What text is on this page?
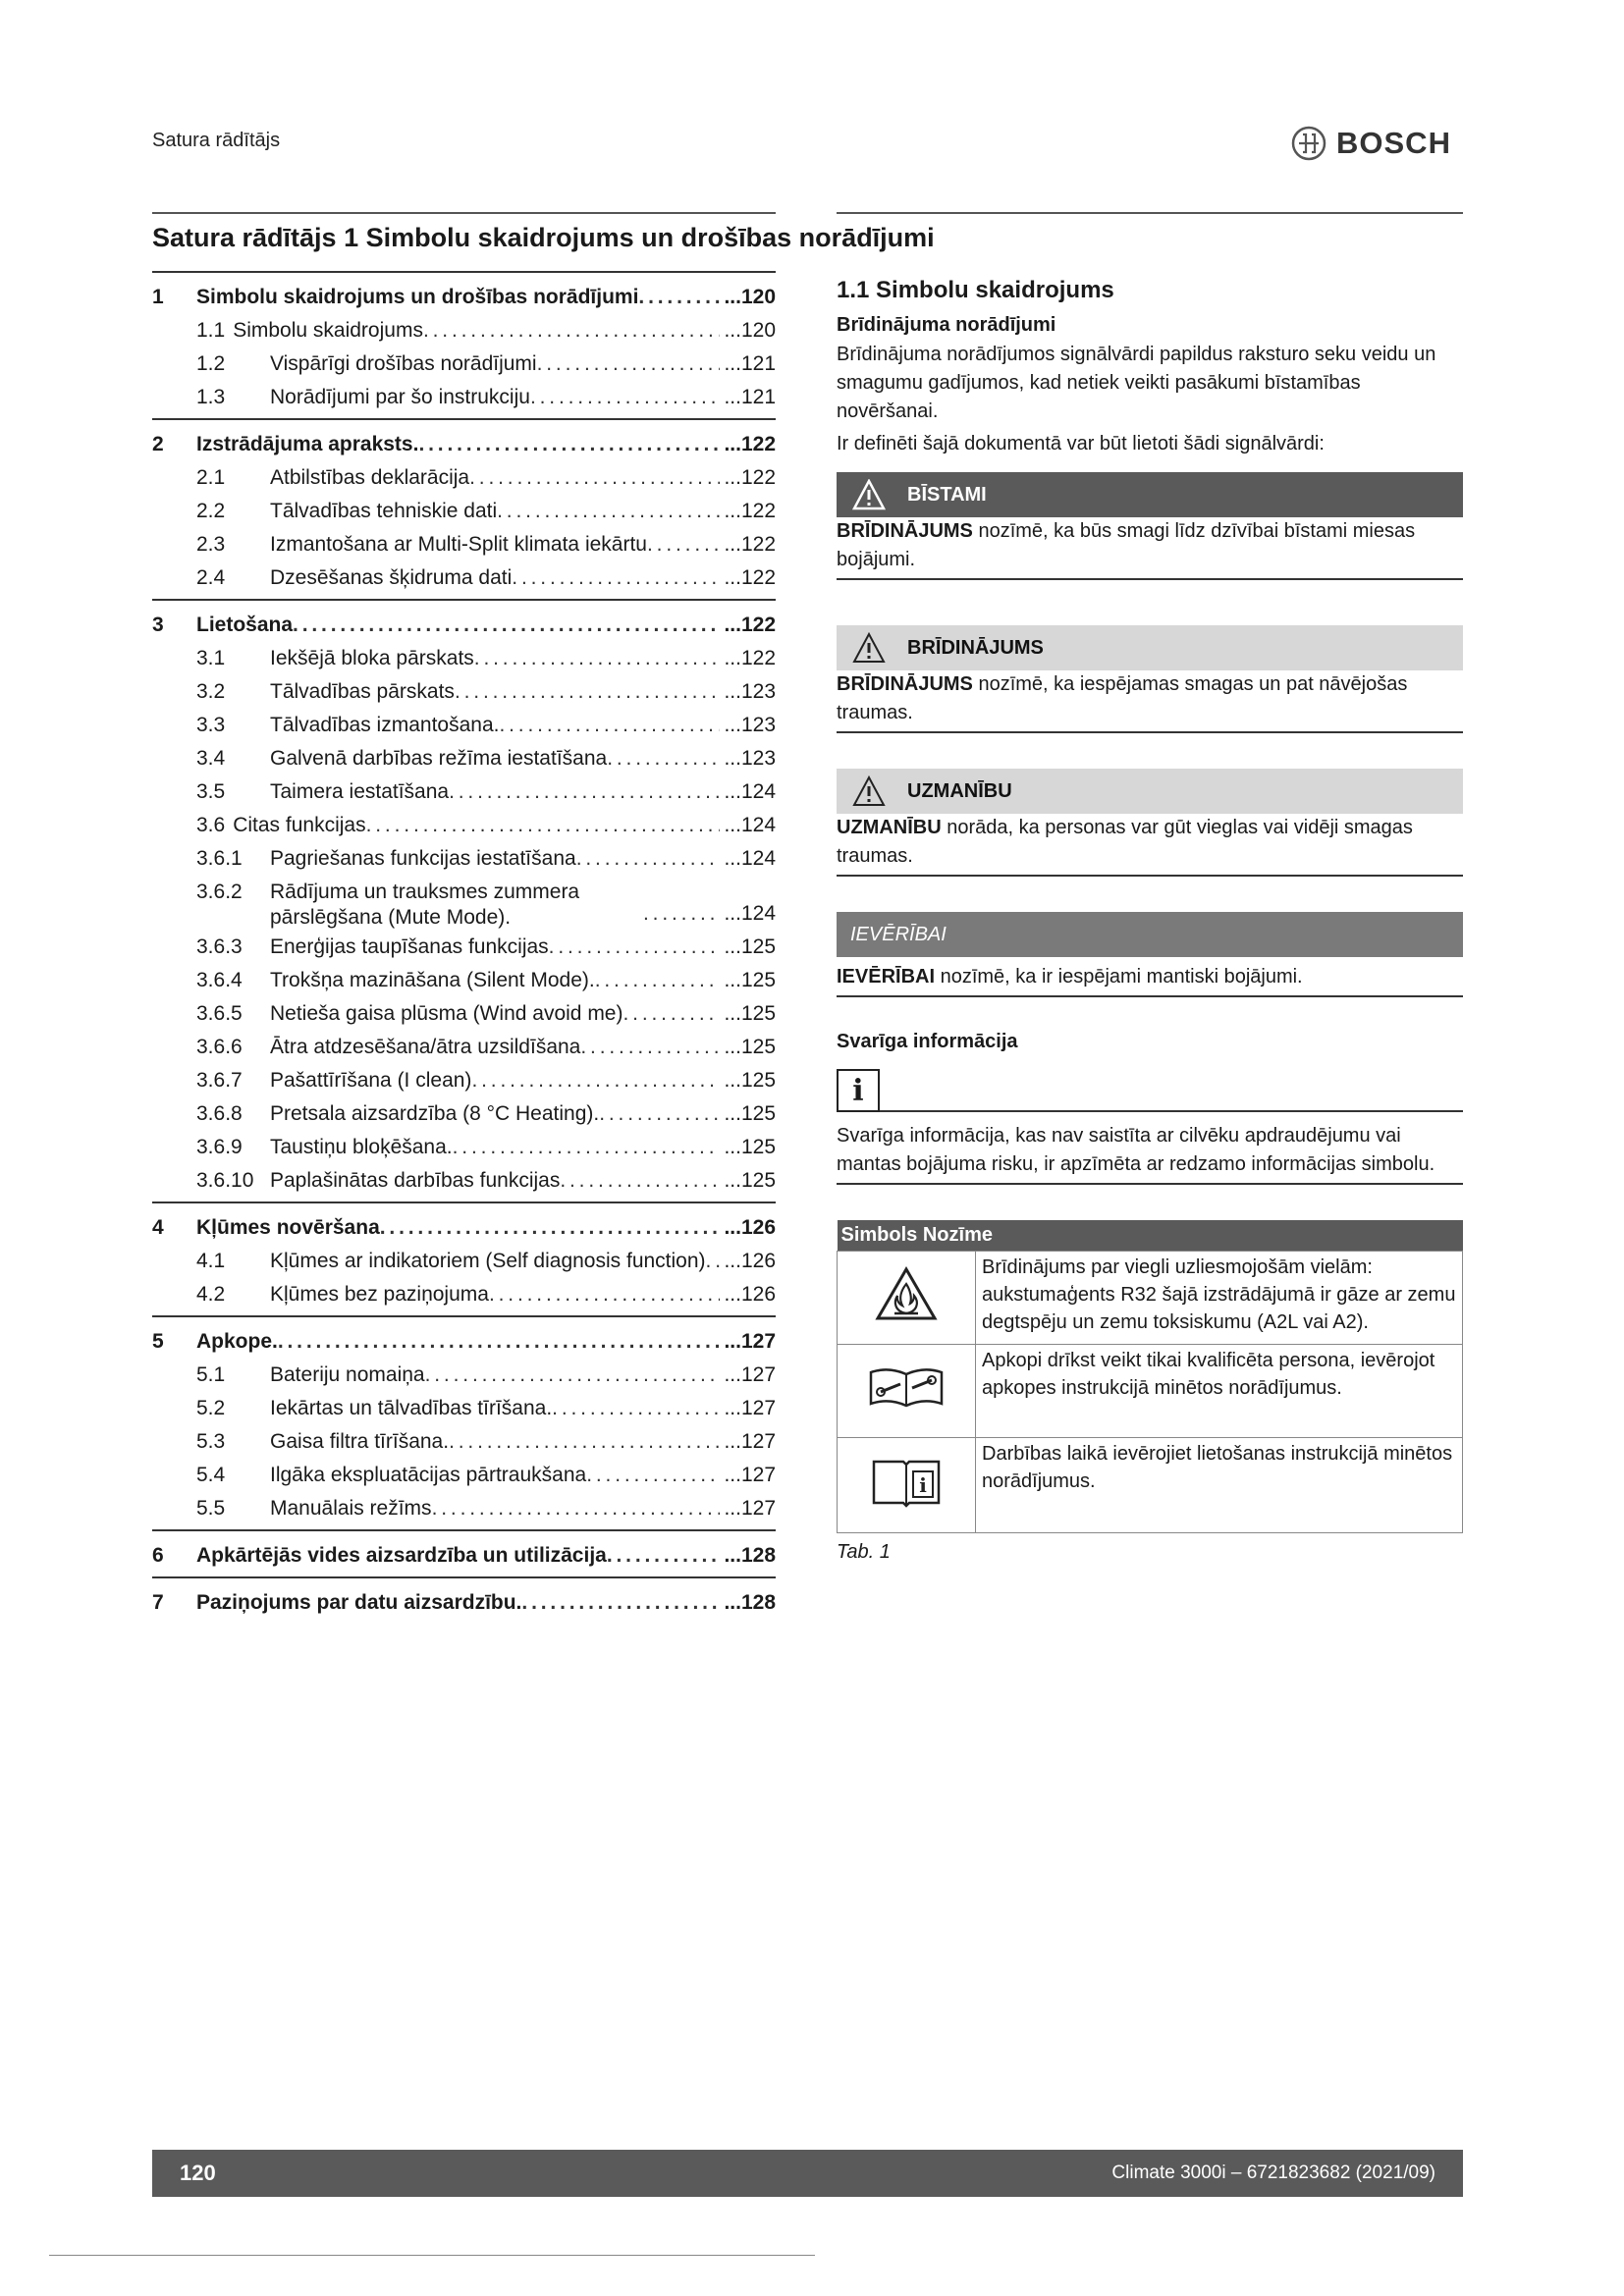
Satura rādītājs	BOSCH
Satura rādītājs 1 Simbolu skaidrojums un drošības norādījumi
1	Simbolu skaidrojums un drošības norādījumi . . .	...120
1.1 Simbolu skaidrojums . . .	...120
1.2	Vispārīgi drošības norādījumi . . .	...121
1.3	Norādījumi par šo instrukciju . . .	...121
2	Izstrādājuma apraksts. . . .	...122
2.1	Atbilstības deklarācija . . .	...122
2.2	Tālvadības tehniskie dati . . .	...122
2.3	Izmantošana ar Multi-Split klimata iekārtu . . .	...122
2.4	Dzesēšanas šķidruma dati . . .	...122
3	Lietošana . . .	...122
3.1	Iekšējā bloka pārskats . . .	...122
3.2	Tālvadības pārskats . . .	...123
3.3	Tālvadības izmantošana. . . .	...123
3.4	Galvenā darbības režīma iestatīšana . . .	...123
3.5	Taimera iestatīšana . . .	...124
3.6 Citas funkcijas . . .	...124
3.6.1	Pagriešanas funkcijas iestatīšana . . .	...124
3.6.2	Rādījuma un trauksmes zummera pārslēgšana (Mute Mode). . . .	...124
3.6.3	Enerģijas taupīšanas funkcijas . . .	...125
3.6.4	Trokšņa mazināšana (Silent Mode). . . .	...125
3.6.5	Netieša gaisa plūsma (Wind avoid me) . . .	...125
3.6.6	Ātra atdzesēšana/ātra uzsildīšana . . .	...125
3.6.7	Pašattīrīšana (I clean) . . .	...125
3.6.8	Pretsala aizsardzība (8 °C Heating). . . .	...125
3.6.9	Taustiņu bloķēšana. . . .	...125
3.6.10 Paplašinātas darbības funkcijas . . .	...125
4	Kļūmes novēršana . . .	...126
4.1	Kļūmes ar indikatoriem (Self diagnosis function) . . . ...126
4.2	Kļūmes bez paziņojuma . . .	...126
5	Apkope. . . .	...127
5.1	Bateriju nomaiņa . . .	...127
5.2	Iekārtas un tālvadības tīrīšana. . . .	...127
5.3	Gaisa filtra tīrīšana. . . .	...127
5.4	Ilgāka ekspluatācijas pārtraukšana . . .	...127
5.5	Manuālais režīms . . .	...127
6	Apkārtējās vides aizsardzība un utilizācija . . .	...128
7	Paziņojums par datu aizsardzību. . . .	...128
1.1 Simbolu skaidrojums
Brīdinājuma norādījumi

Brīdinājuma norādījumos signālvārdi papildus raksturo seku veidu un smagumu gadījumos, kad netiek veikti pasākumi bīstamības novēršanai.

Ir definēti šajā dokumentā var būt lietoti šādi signālvārdi:

BĪSTAMI
BRĪDINĀJUMS nozīmē, ka būs smagi līdz dzīvībai bīstami miesas bojājumi.
BRĪDINĀJUMS
BRĪDINĀJUMS nozīmē, ka iespējamas smagas un pat nāvējošas traumas.
UZMANĪBU
UZMANĪBU norāda, ka personas var gūt vieglas vai vidēji smagas traumas.
IEVĒRĪBAI
IEVĒRĪBAI nozīmē, ka ir iespējami mantiski bojājumi.
Svarīga informācija
i
Svarīga informācija, kas nav saistīta ar cilvēku apdraudējumu vai mantas bojājuma risku, ir apzīmēta ar redzamo informācijas simbolu.
Simbols Nozīme	
	Brīdinājums par viegli uzliesmojošām vielām: aukstumaģents R32 šajā izstrādājumā ir gāze ar zemu degtspēju un zemu toksiskumu (A2L vai A2).
	Apkopi drīkst veikt tikai kvalificēta persona, ievērojot apkopes instrukcijā minētos norādījumus.

i	Darbības laikā ievērojiet lietošanas instrukcijā minētos norādījumus.
Tab. 1
120	Climate 3000i – 6721823682 (2021/09)
